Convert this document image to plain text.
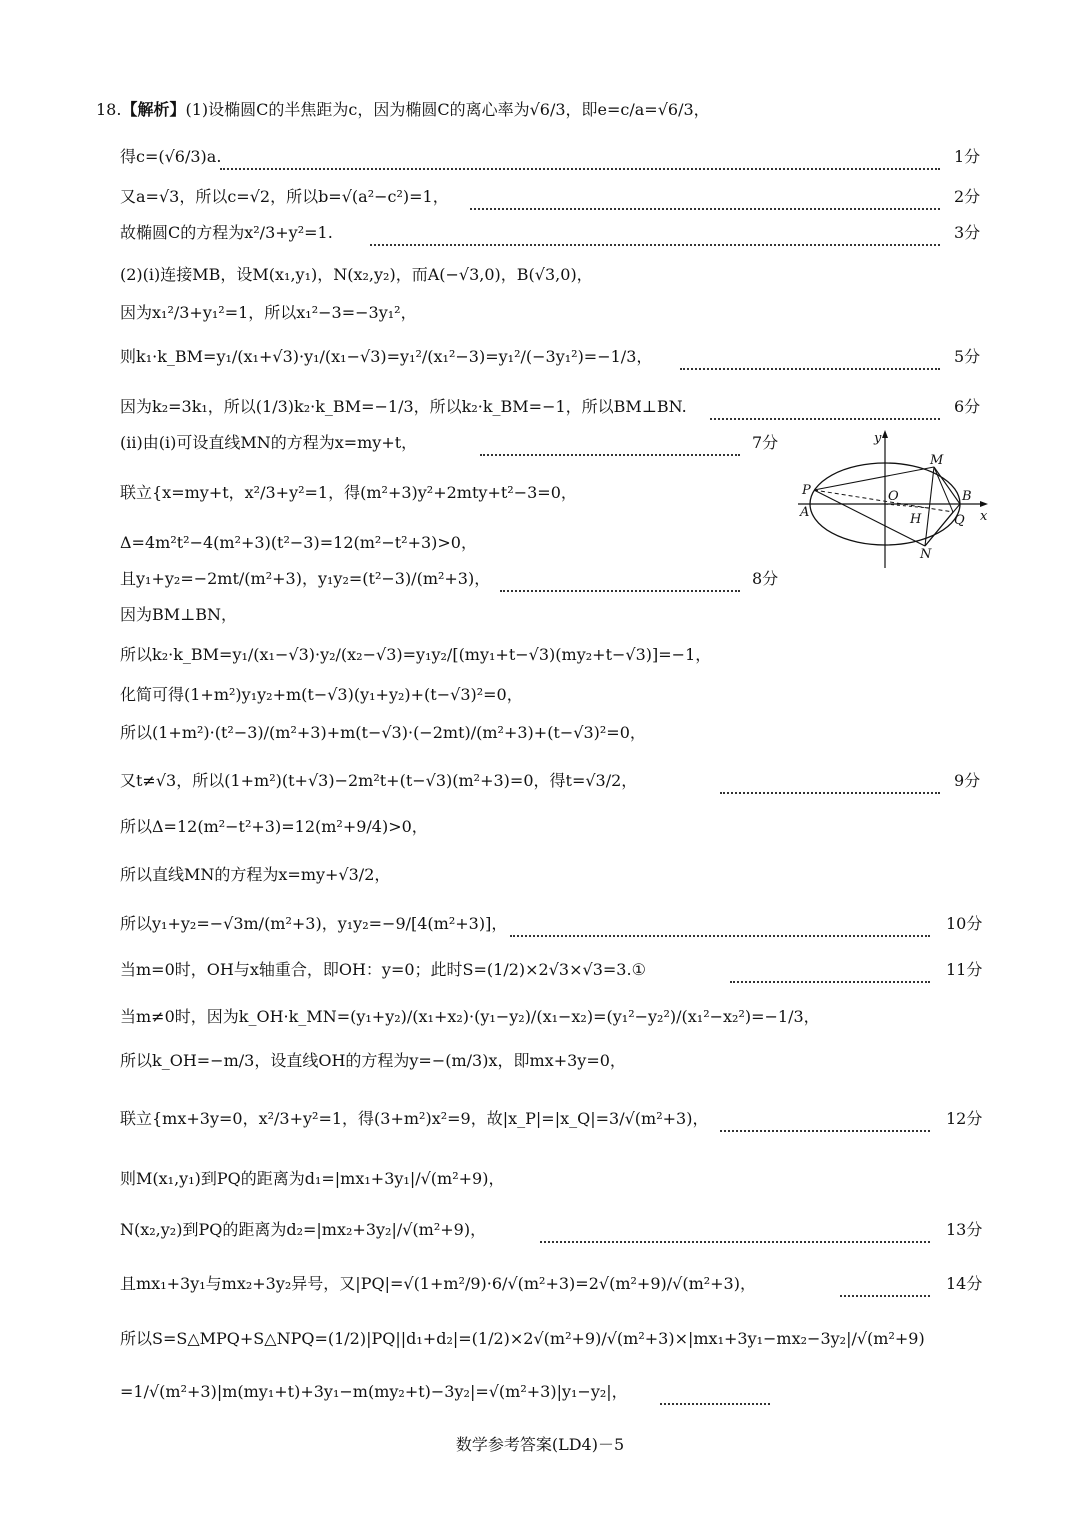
18.【解析】(1)设椭圆C的半焦距为c，因为椭圆C的离心率为√6/3，即e=c/a=√6/3，
得c=(√6/3)a.	1分
又a=√3，所以c=√2，所以b=√(a²−c²)=1，	2分
故椭圆C的方程为x²/3+y²=1.	3分
(2)(ⅰ)连接MB，设M(x₁,y₁)，N(x₂,y₂)，而A(−√3,0)，B(√3,0)，
因为x₁²/3+y₁²=1，所以x₁²−3=−3y₁²，
则k₁·k_BM=y₁/(x₁+√3)·y₁/(x₁−√3)=y₁²/(x₁²−3)=y₁²/(−3y₁²)=−1/3，	5分
因为k₂=3k₁，所以(1/3)k₂·k_BM=−1/3，所以k₂·k_BM=−1，所以BM⊥BN.	6分
(ⅱ)由(ⅰ)可设直线MN的方程为x=my+t，	7分
联立{x=my+t，x²/3+y²=1，得(m²+3)y²+2mty+t²−3=0，
Δ=4m²t²−4(m²+3)(t²−3)=12(m²−t²+3)>0，
且y₁+y₂=−2mt/(m²+3)，y₁y₂=(t²−3)/(m²+3)，	8分
因为BM⊥BN，
所以k₂·k_BM=y₁/(x₁−√3)·y₂/(x₂−√3)=y₁y₂/[(my₁+t−√3)(my₂+t−√3)]=−1，
化简可得(1+m²)y₁y₂+m(t−√3)(y₁+y₂)+(t−√3)²=0，
所以(1+m²)·(t²−3)/(m²+3)+m(t−√3)·(−2mt)/(m²+3)+(t−√3)²=0，
又t≠√3，所以(1+m²)(t+√3)−2m²t+(t−√3)(m²+3)=0，得t=√3/2，	9分
所以Δ=12(m²−t²+3)=12(m²+9/4)>0，
所以直线MN的方程为x=my+√3/2，
所以y₁+y₂=−√3m/(m²+3)，y₁y₂=−9/[4(m²+3)]，	10分
当m=0时，OH与x轴重合，即OH：y=0；此时S=(1/2)×2√3×√3=3.①	11分
当m≠0时，因为k_OH·k_MN=(y₁+y₂)/(x₁+x₂)·(y₁−y₂)/(x₁−x₂)=(y₁²−y₂²)/(x₁²−x₂²)=−1/3，
所以k_OH=−m/3，设直线OH的方程为y=−(m/3)x，即mx+3y=0，
联立{mx+3y=0，x²/3+y²=1，得(3+m²)x²=9，故|x_P|=|x_Q|=3/√(m²+3)，	12分
则M(x₁,y₁)到PQ的距离为d₁=|mx₁+3y₁|/√(m²+9)，
N(x₂,y₂)到PQ的距离为d₂=|mx₂+3y₂|/√(m²+9)，	13分
且mx₁+3y₁与mx₂+3y₂异号，又|PQ|=√(1+m²/9)·6/√(m²+3)=2√(m²+9)/√(m²+3)，	14分
所以S=S△MPQ+S△NPQ=(1/2)|PQ||d₁+d₂|=(1/2)×2√(m²+9)/√(m²+3)×|mx₁+3y₁−mx₂−3y₂|/√(m²+9)
=1/√(m²+3)|m(my₁+t)+3y₁−m(my₂+t)−3y₂|=√(m²+3)|y₁−y₂|，
y
x
M
P	O	B
A	H	Q
N
数学参考答案(LD4)－5
